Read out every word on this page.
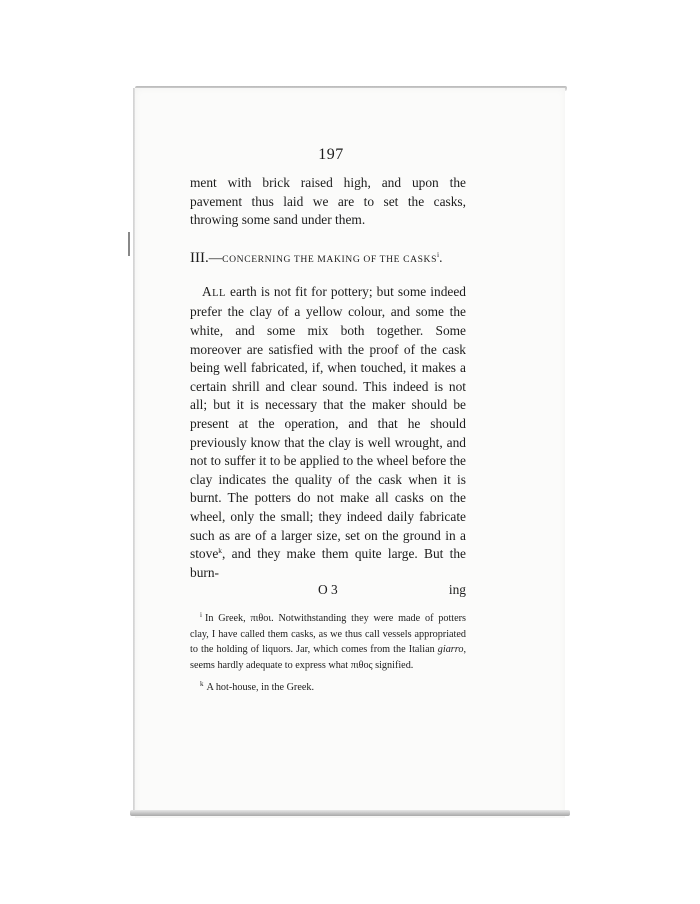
197

ment with brick raised high, and upon the pavement thus laid we are to set the casks, throwing some sand under them.

III.—CONCERNING THE MAKING OF THE CASKS$^i$.

ALL earth is not fit for pottery; but some indeed prefer the clay of a yellow colour, and some the white, and some mix both together. Some moreover are satisfied with the proof of the cask being well fabricated, if, when touched, it makes a certain shrill and clear sound. This indeed is not all; but it is necessary that the maker should be present at the operation, and that he should previously know that the clay is well wrought, and not to suffer it to be applied to the wheel before the clay indicates the quality of the cask when it is burnt. The potters do not make all casks on the wheel, only the small; they indeed daily fabricate such as are of a larger size, set on the ground in a stove$^k$, and they make them quite large. But the burn-

O 3	ing

$^i$ In Greek, πιθοι. Notwithstanding they were made of potters clay, I have called them casks, as we thus call vessels appropriated to the holding of liquors. Jar, which comes from the Italian giarro, seems hardly adequate to express what πιθος signified.

$^k$ A hot-house, in the Greek.
